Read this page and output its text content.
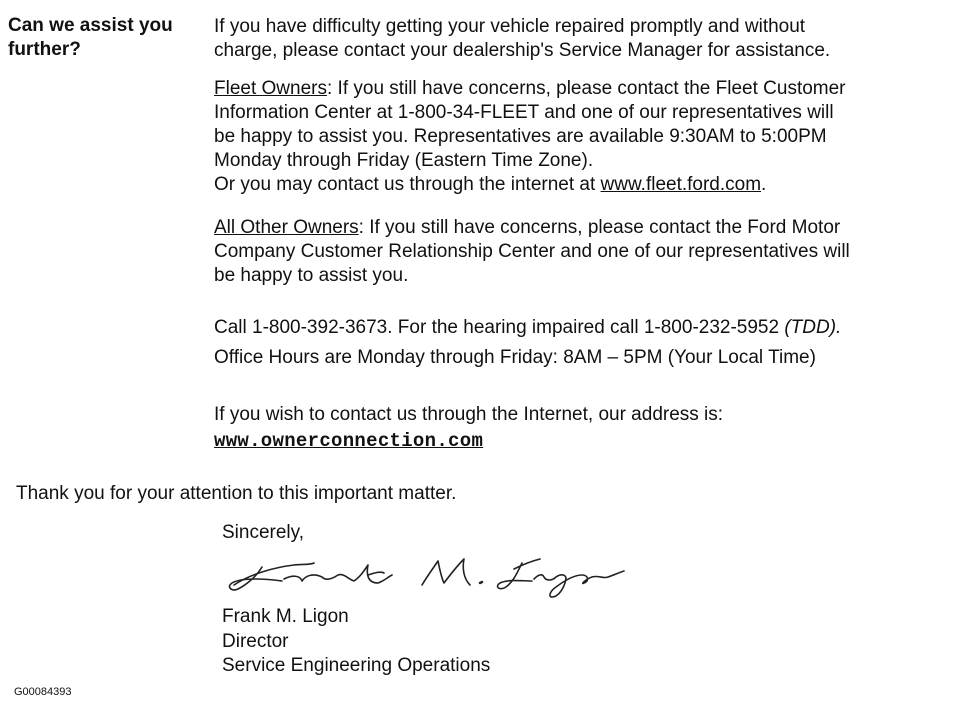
Can we assist you
further?
If you have difficulty getting your vehicle repaired promptly and without
charge, please contact your dealership's Service Manager for assistance.
Fleet Owners: If you still have concerns, please contact the Fleet Customer
Information Center at 1-800-34-FLEET and one of our representatives will
be happy to assist you. Representatives are available 9:30AM to 5:00PM
Monday through Friday (Eastern Time Zone).
Or you may contact us through the internet at www.fleet.ford.com.
All Other Owners: If you still have concerns, please contact the Ford Motor
Company Customer Relationship Center and one of our representatives will
be happy to assist you.
Call 1-800-392-3673. For the hearing impaired call 1-800-232-5952 (TDD).
Office Hours are Monday through Friday: 8AM – 5PM (Your Local Time)
If you wish to contact us through the Internet, our address is:
www.ownerconnection.com
Thank you for your attention to this important matter.
Sincerely,
Frank M. Ligon
Director
Service Engineering Operations
G00084393
